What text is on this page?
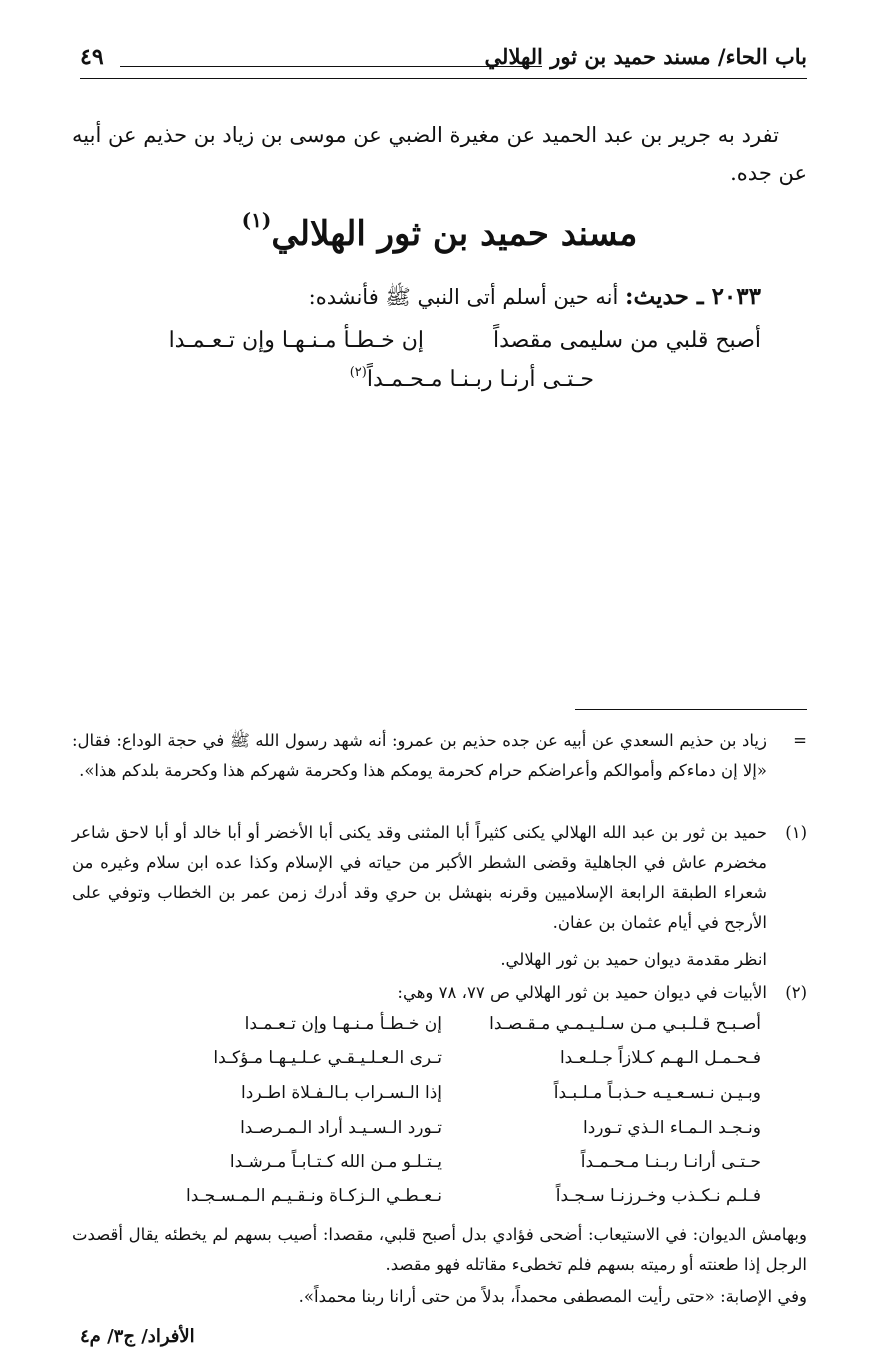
باب الحاء/ مسند حميد بن ثور الهلالي
٤٩
تفرد به جرير بن عبد الحميد عن مغيرة الضبي عن موسى بن زياد بن حذيم عن أبيه عن جده.
مسند حميد بن ثور الهلالي$^{(١)}$
٢٠٣٣ ـ حديث: أنه حين أسلم أتى النبي ﷺ فأنشده:
أصبح قلبي من سليمى مقصداً
إن خـطـأ مـنـهـا وإن تـعـمـدا
حـتـى أرنـا ربـنـا مـحـمـداً$^{(٢)}$
=
زياد بن حذيم السعدي عن أبيه عن جده حذيم بن عمرو: أنه شهد رسول الله ﷺ في حجة الوداع: فقال: «إلا إن دماءكم وأموالكم وأعراضكم حرام كحرمة يومكم هذا وكحرمة شهركم هذا وكحرمة بلدكم هذا».
(١)
حميد بن ثور بن عبد الله الهلالي يكنى كثيراً أبا المثنى وقد يكنى أبا الأخضر أو أبا خالد أو أبا لاحق شاعر مخضرم عاش في الجاهلية وقضى الشطر الأكبر من حياته في الإسلام وكذا عده ابن سلام وغيره من شعراء الطبقة الرابعة الإسلاميين وقرنه بنهشل بن حري وقد أدرك زمن عمر بن الخطاب وتوفي على الأرجح في أيام عثمان بن عفان.
انظر مقدمة ديوان حميد بن ثور الهلالي.
(٢)
الأبيات في ديوان حميد بن ثور الهلالي ص ٧٧، ٧٨ وهي:
أصـبـح قـلـبـي مـن سـلـيـمـي مـقـصـدا
إن خـطـأ مـنـهـا وإن تـعـمـدا
فـحـمـل الـهـم كـلازاً جـلـعـدا
تـرى الـعـلـيـقـي عـلـيـهـا مـؤكـدا
وبـيـن نـسـعـيـه حـذبـاً مـلـبـداً
إذا الـسـراب بـالـفـلاة اطـردا
ونـجـد الـمـاء الـذي تـوردا
تـورد الـسـيـد أراد الـمـرصـدا
حـتـى أرانـا ربـنـا مـحـمـداً
يـتـلـو مـن الله كـتـابـاً مـرشـدا
فـلـم نـكـذب وخـرزنـا سـجـداً
نـعـطـي الـزكـاة ونـقـيـم الـمـسـجـدا
وبهامش الديوان: في الاستيعاب: أضحى فؤادي بدل أصبح قلبي، مقصدا: أصيب بسهم لم يخطئه يقال أقصدت الرجل إذا طعنته أو رميته بسهم فلم تخطىء مقاتله فهو مقصد.
وفي الإصابة: «حتى رأيت المصطفى محمداً، بدلاً من حتى أرانا ربنا محمداً».
الأفراد/ ج٣/ م٤
